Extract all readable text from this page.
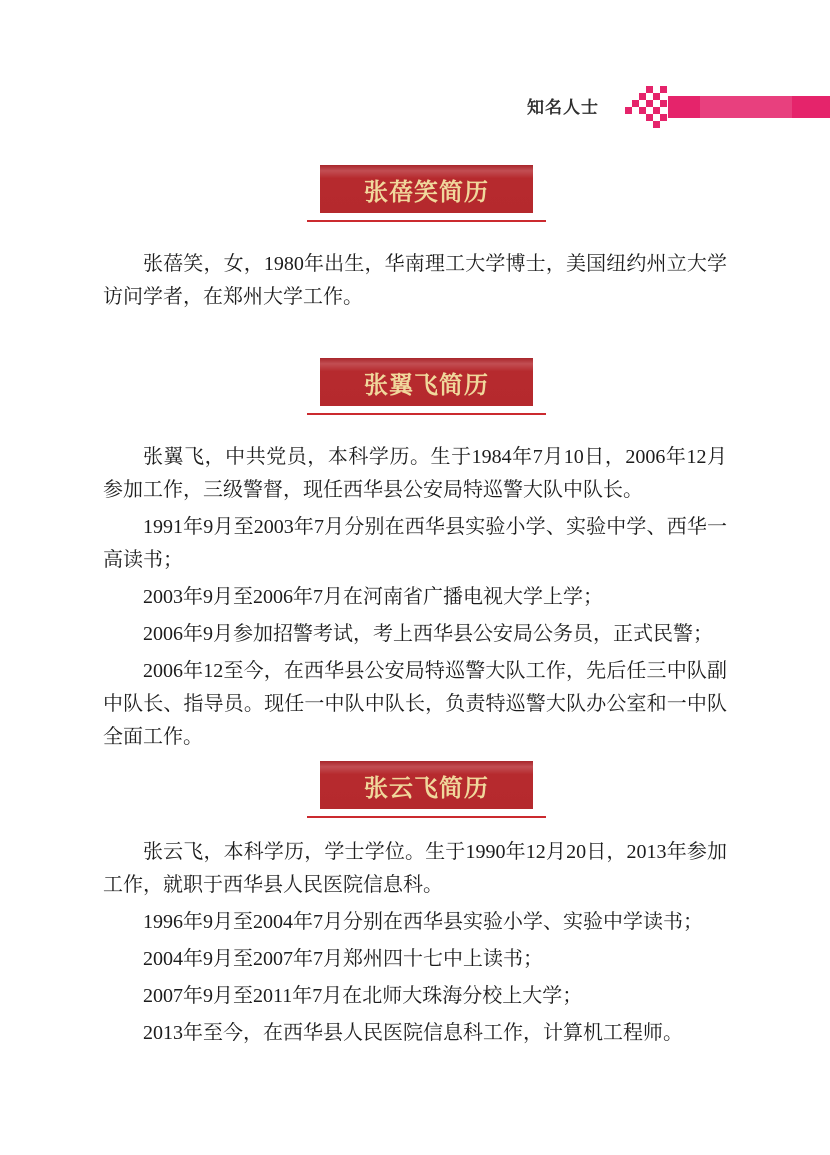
知名人士
张蓓笑简历

张蓓笑，女，1980年出生，华南理工大学博士，美国纽约州立大学访问学者，在郑州大学工作。

张翼飞简历

张翼飞，中共党员，本科学历。生于1984年7月10日，2006年12月参加工作，三级警督，现任西华县公安局特巡警大队中队长。

1991年9月至2003年7月分别在西华县实验小学、实验中学、西华一高读书；

2003年9月至2006年7月在河南省广播电视大学上学；

2006年9月参加招警考试，考上西华县公安局公务员，正式民警；

2006年12至今，在西华县公安局特巡警大队工作，先后任三中队副中队长、指导员。现任一中队中队长，负责特巡警大队办公室和一中队全面工作。

张云飞简历

张云飞，本科学历，学士学位。生于1990年12月20日，2013年参加工作，就职于西华县人民医院信息科。

1996年9月至2004年7月分别在西华县实验小学、实验中学读书；

2004年9月至2007年7月郑州四十七中上读书；

2007年9月至2011年7月在北师大珠海分校上大学；

2013年至今，在西华县人民医院信息科工作，计算机工程师。
